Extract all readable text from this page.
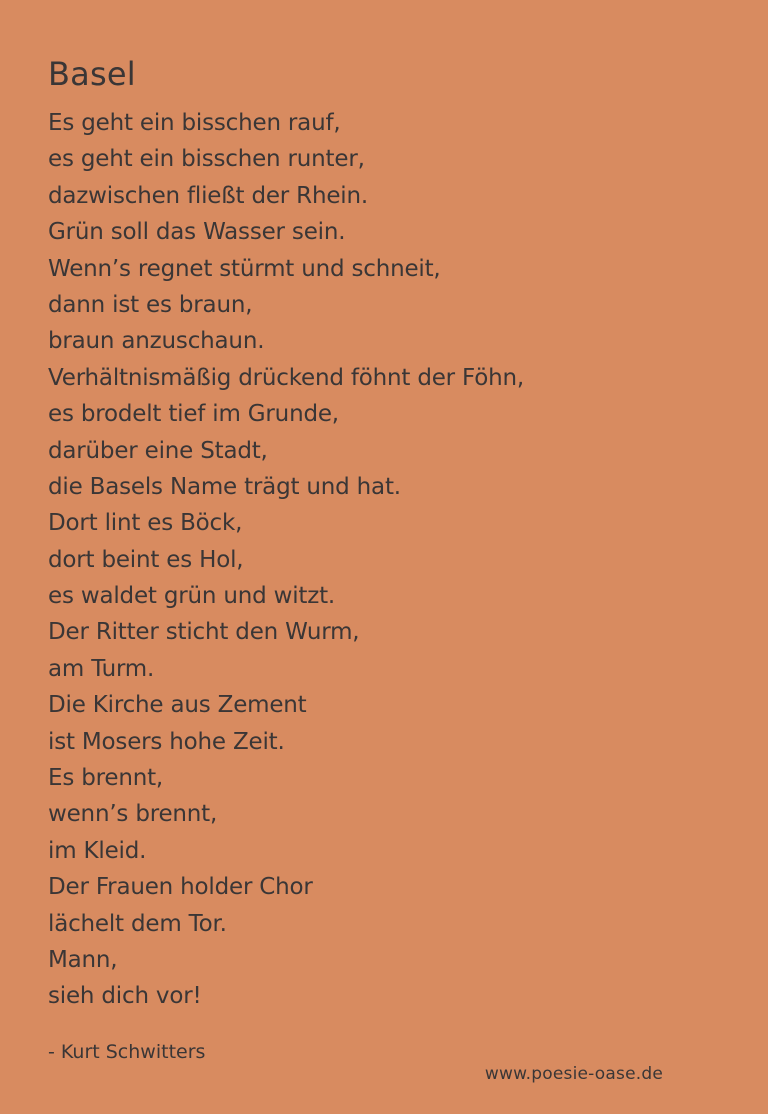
Basel
Es geht ein bisschen rauf,
es geht ein bisschen runter,
dazwischen fließt der Rhein.
Grün soll das Wasser sein.
Wenn’s regnet stürmt und schneit,
dann ist es braun,
braun anzuschaun.
Verhältnismäßig drückend föhnt der Föhn,
es brodelt tief im Grunde,
darüber eine Stadt,
die Basels Name trägt und hat.
Dort lint es Böck,
dort beint es Hol,
es waldet grün und witzt.
Der Ritter sticht den Wurm,
am Turm.
Die Kirche aus Zement
ist Mosers hohe Zeit.
Es brennt,
wenn’s brennt,
im Kleid.
Der Frauen holder Chor
lächelt dem Tor.
Mann,
sieh dich vor!
- Kurt Schwitters
www.poesie-oase.de
